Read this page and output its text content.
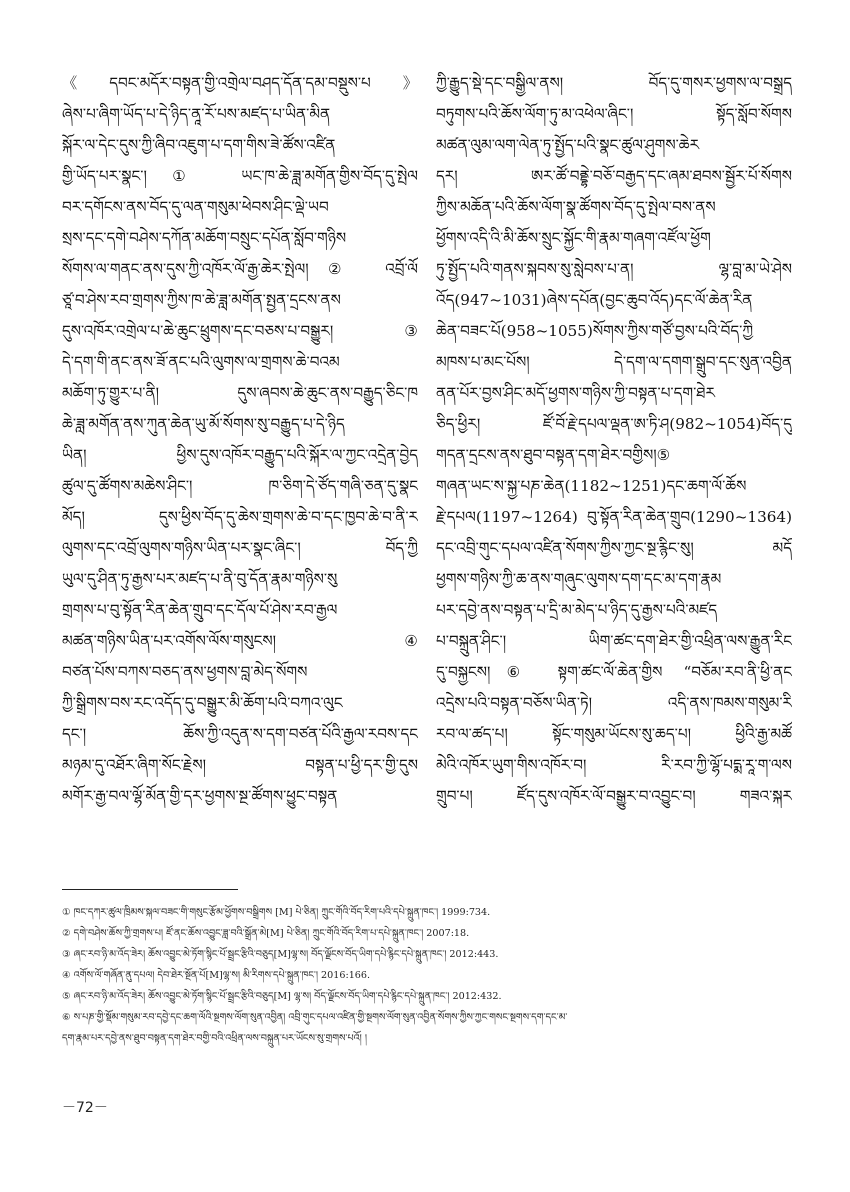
《དབང་མདོར་བསྟན་གྱི་འགྲེལ་བཤད་དོན་དམ་བསྡུས་པ》
ཞེས་པ་ཞིག་ཡོད་པ་དེ་ཉིད་ནཱ་རོ་པས་མཛད་པ་ཡིན་མིན
སྐོར་ལ་དེང་དུས་ཀྱི་ཞིབ་འཇུག་པ་དག་གིས་ཟེ་ཚོས་འཛིན
གྱི་ཡོད་པར་སྣང་།① ཡང་ཁ་ཆེ་ཟླ་མགོན་གྱིས་བོད་དུ་སྤེལ
བར་དགོངས་ནས་བོད་དུ་ལན་གསུམ་ཕེབས་ཤིང་ལྡེ་ཡབ
སྲས་དང་དགེ་བཤེས་དཀོན་མཆོག་བསྲུང་དཔོན་སློབ་གཉིས
སོགས་ལ་གནང་ནས་དུས་ཀྱི་འཁོར་ལོ་རྒྱ་ཆེར་སྤེལ།② འབྲོ་ལོ
ཙཱ་བ་ཤེས་རབ་གྲགས་ཀྱིས་ཁ་ཆེ་ཟླ་མགོན་སྤྱན་དྲངས་ནས
དུས་འཁོར་འགྲེལ་པ་ཆེ་ཆུང་ཕྲུགས་དང་བཅས་པ་བསྒྱུར།③
དེ་དག་གི་ནང་ནས་ཟོ་ནང་པའི་ལུགས་ལ་གྲགས་ཆེ་བའམ
མཆོག་ཏུ་གྱུར་པ་ནི། དུས་ཞབས་ཆེ་ཆུང་ནས་བརྒྱུད་ཅིང་ཁ
ཆེ་ཟླ་མགོན་ནས་ཀུན་ཆེན་ཡུ་མོ་སོགས་སུ་བརྒྱུད་པ་དེ་ཉིད
ཡིན། ཕྱིས་དུས་འཁོར་བརྒྱུད་པའི་སྐོར་ལ་ཀྱང་འདྲེན་བྱེད
ཚུལ་དུ་ཚོགས་མཆེས་ཤིང་། ཁ་ཅིག་དེ་ཙོད་གཞི་ཅན་དུ་སྣང
མོད། དུས་ཕྱིས་བོད་དུ་ཆེས་གྲགས་ཆེ་བ་དང་ཁྱབ་ཆེ་བ་ནི་ར
ལུགས་དང་འབྲོ་ལུགས་གཉིས་ཡིན་པར་སྣང་ཞིང་། བོད་ཀྱི
ཡུལ་དུ་ཤིན་ཏུ་རྒྱས་པར་མཛད་པ་ནི་བུ་དོན་རྣམ་གཉིས་སུ
གྲགས་པ་བུ་སྟོན་རིན་ཆེན་གྲུབ་དང་དོལ་པོ་ཤེས་རབ་རྒྱལ
མཚན་གཉིས་ཡིན་པར་འགོས་ལོས་གསུངས།④
བཙན་པོས་བཀས་བཅད་ནས་ཕྱགས་བླ་མེད་སོགས
ཀྱི་སྒྲིགས་བས་རང་འདོད་དུ་བསྒྱུར་མི་ཆོག་པའི་བཀའ་ལུང
དང་། ཆོས་ཀྱི་འདུན་ས་དག་བཙན་པོའི་རྒྱལ་རབས་དང
མཉམ་དུ་འཐོར་ཞིག་སོང་རྗེས། བསྟན་པ་ཕྱི་དར་གྱི་དུས
མགོར་རྒྱ་བལ་ལྷོ་མོན་གྱི་དར་ཕྱགས་སྔ་ཚོགས་ཕྱུང་བསྟན
ཀྱི་རྒྱུད་སྡེ་དང་བསྒྱིལ་ནས། བོད་དུ་གསར་ཕྱགས་ལ་བསྒྲད
བཏུགས་པའི་ཆོས་ལོག་ཏུ་མ་འཕེལ་ཞིང་། སྟོད་སློབ་སོགས
མཚན་ལུམ་ལག་ལེན་ཏུ་སྤྱོད་པའི་སྣང་ཚུལ་ཤུགས་ཆེར
དར། ཨར་ཚོ་བནྡྷེ་བཅོ་བརྒྱད་དང་ཞམ་ཐབས་སྦྱོར་པོ་སོགས
ཀྱིས་མཆོན་པའི་ཆོས་ལོག་སྣ་ཚོགས་བོད་དུ་སྤེལ་བས་ནས
ཕྱོགས་འདི་འི་མི་ཆོས་སྲུང་སྐྱོང་གི་རྣམ་གཞག་འཛོལ་ཕྱོག
ཏུ་སྤྱོད་པའི་གནས་སྐབས་སུ་སླེབས་པ་ན། ལྷ་བླ་མ་ཡེ་ཤེས
འོད(947~1031)ཞེས་དཔོན(བྱང་ཆུབ་འོད)དང་ལོ་ཆེན་རིན
ཆེན་བཟང་པོ(958~1055)སོགས་ཀྱིས་གཙོ་བྱས་པའི་བོད་ཀྱི
མཁས་པ་མང་པོས། དེ་དག་ལ་དགག་སྒྲུབ་དང་སུན་འབྱིན
ནན་པོར་བྱས་ཤིང་མདོ་ཕྱགས་གཉིས་ཀྱི་བསྟན་པ་དག་ཐེར
ཅིད་ཕྱིར། ཛོ་བོ་རྗེ་དཔལ་ལྡན་ཨ་ཏི་ཤ(982~1054)བོད་དུ
གདན་དྲངས་ནས་ཐུབ་བསྟན་དག་ཐེར་བགྱིས།⑤
གཞན་ཡང་ས་སྐྱ་པཎ་ཆེན(1182~1251)དང་ཆག་ལོ་ཆོས
རྗེ་དཔལ(1197~1264) བུ་སྟོན་རིན་ཆེན་གྲུབ(1290~1364)
དང་འབྲི་གུང་དཔལ་འཛིན་སོགས་ཀྱིས་ཀྱང་སྔ་རྙིང་སུ། མདོ
ཕྱགས་གཉིས་ཀྱི་ཆ་ནས་གཞུང་ལུགས་དག་དང་མ་དག་རྣམ
པར་དབྱེ་ནས་བསྟན་པ་དྲི་མ་མེད་པ་ཉིད་དུ་རྒྱས་པའི་མཛད
པ་བསྐྲུན་ཤིང་། ཡིག་ཚང་དག་ཐེར་གྱི་འཕྲིན་ལས་རྒྱུན་རིང
དུ་བསྐྱངས།⑥ སྟག་ཚང་ལོ་ཆེན་གྱིས “བཅོམ་རབ་ནི་ཕྱི་ནང
འདྲེས་པའི་བསྟན་བཅོས་ཡིན་ཏེ། འདི་ནས་ཁམས་གསུམ་རི
རབ་ལ་ཚད་པ། སྟོང་གསུམ་ཡོངས་སུ་ཆད་པ། ཕྱིའི་རྒྱ་མཚོ
མེའི་འཁོར་ཡུག་གིས་འཁོར་བ། རི་རབ་ཀྱི་ལྷོ་པདྨ་རཱ་ག་ལས
གྲུབ་པ། ཛོད་དུས་འཁོར་ལོ་བསྒྱུར་བ་འབྱུང་བ། གཟའ་སྐར
① ཁང་དཀར་ཚུལ་ཁྲིམས་སྐལ་བཟང་གི་གསུང་རྩོམ་ཕྱོགས་བསྒྲིགས [M] པེ་ཅིན། ཀྲུང་གོའི་བོད་རིག་པའི་དཔེ་སྐྲུན་ཁང་། 1999:734.
② དགེ་བཤེས་ཆོས་ཀྱི་གྲགས་པ། ཛོ་ནང་ཆོས་འབྱུང་ཟླ་བའི་སྒྲོན་མེ[M] པེ་ཅིན། ཀྲུང་གོའི་བོད་རིག་པ་དཔེ་སྐྲུན་ཁང་། 2007:18.
③ ཞང་རབ་ཉི་མ་འོད་ཟེར། ཆོས་འབྱུང་མེ་ཏོག་སྙིང་པོ་སྦྲང་རྩིའི་བཅུད[M]ལྷ་ས། བོད་ལྗོངས་བོད་ཡིག་དཔེ་རྙིང་དཔེ་སྐྲུན་ཁང་། 2012:443.
④ འགོས་ལོ་གཞོན་ནུ་དཔལ། དེབ་ཐེར་སྔོན་པོ[M]ལྷ་ས། མི་རིགས་དཔེ་སྐྲུན་ཁང་། 2016:166.
⑤ ཞང་རབ་ཉི་མ་འོད་ཟེར། ཆོས་འབྱུང་མེ་ཏོག་སྙིང་པོ་སྦྲང་རྩིའི་བཅུད[M] ལྷ་ས། བོད་ལྗོངས་བོད་ཡིག་དཔེ་རྙིང་དཔེ་སྐྲུན་ཁང་། 2012:432.
⑥ ས་པཎ་གྱི་སྡོམ་གསུམ་རབ་དབྱེ་དང་ཆག་ལོའི་སྔགས་ལོག་སུན་འབྱིན། འབྲི་གུང་དཔལ་འཛིན་གྱི་སྔགས་ལོག་སུན་འབྱིན་སོགས་ཀྱིས་ཀྱང་གསང་སྔགས་དག་དང་མ་
དག་རྣམ་པར་དབྱེ་ནས་ཐུབ་བསྟན་དག་ཐེར་བགྱི་བའི་འཕྲིན་ལས་བསྐྲུན་པར་ཡོངས་སུ་གྲགས་པའོ། །
－72－
